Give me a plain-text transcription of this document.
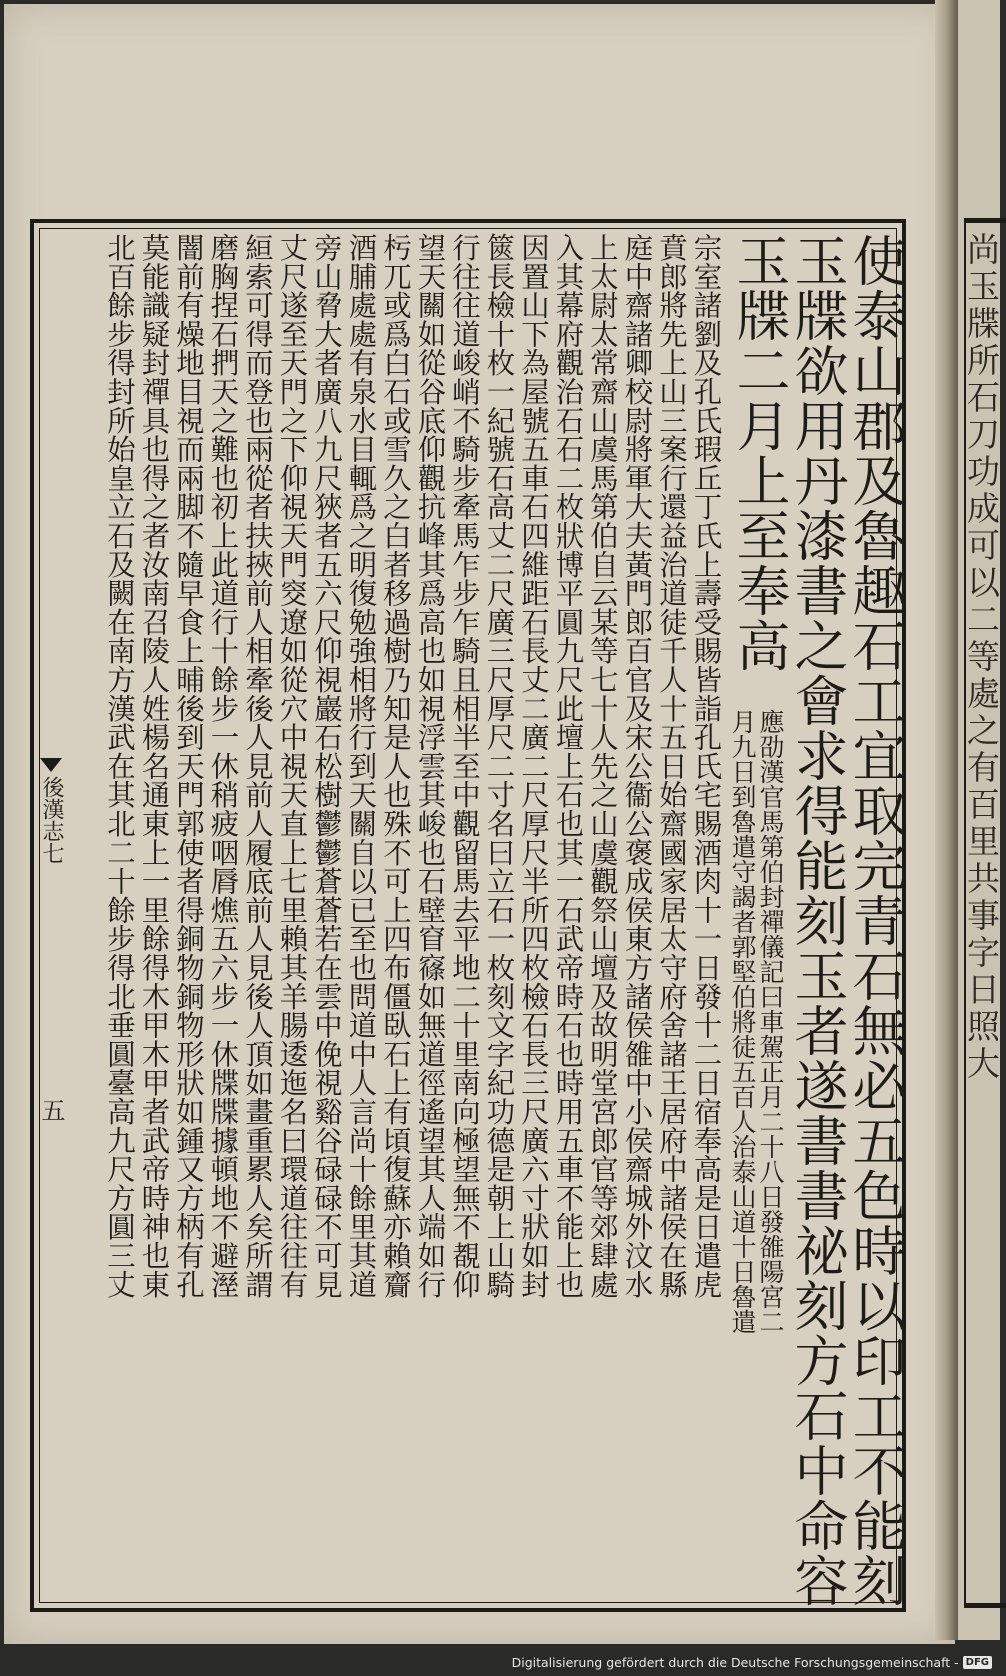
使泰山郡及魯趣石工宜取完青石無必五色時以印工不能刻
玉牒欲用丹漆書之會求得能刻玉者遂書書祕刻方石中命容
玉牒二月上至奉高
應劭漢官馬第伯封禪儀記曰車駕正月二十八日發雒陽宮二
月九日到魯遣守謁者郭堅伯將徒五百人治泰山道十日魯遣
宗室諸劉及孔氏瑕丘丁氏上壽受賜皆詣孔氏宅賜酒肉十一日發十二日宿奉高是日遣虎
賁郎將先上山三案行還益治道徒千人十五日始齋國家居太守府舍諸王居府中諸侯在縣
庭中齋諸卿校尉將軍大夫黃門郎百官及宋公衞公褒成侯東方諸侯雒中小侯齋城外汶水
上太尉太常齋山虞馬第伯自云某等七十人先之山虞觀祭山壇及故明堂宮郎官等郊肆處
入其幕府觀治石石二枚狀博平圓九尺此壇上石也其一石武帝時石也時用五車不能上也
因置山下為屋號五車石四維距石長丈二廣二尺厚尺半所四枚檢石長三尺廣六寸狀如封
篋長檢十枚一紀號石高丈二尺廣三尺厚尺二寸名曰立石一枚刻文字紀功德是朝上山騎
行往往道峻峭不騎步牽馬乍步乍騎且相半至中觀留馬去平地二十里南向極望無不覩仰
望天關如從谷底仰觀抗峰其爲高也如視浮雲其峻也石壁窅窱如無道徑遙望其人端如行
杇兀或爲白石或雪久之白者移過樹乃知是人也殊不可上四布僵臥石上有頃復蘇亦賴齎
酒脯處處有泉水目輒爲之明復勉強相將行到天關自以已至也問道中人言尚十餘里其道
旁山脅大者廣八九尺狹者五六尺仰視巖石松樹鬱鬱蒼蒼若在雲中俛視谿谷碌碌不可見
丈尺遂至天門之下仰視天門窔遼如從穴中視天直上七里賴其羊腸逶迤名曰環道往往有
絙索可得而登也兩從者扶挾前人相牽後人見前人履底前人見後人頂如畫重累人矣所謂
磨胸捏石捫天之難也初上此道行十餘步一休稍疲咽脣燋五六步一休牒牒據頓地不避溼
闇前有燥地目視而兩脚不隨早食上晡後到天門郭使者得銅物銅物形狀如鍾又方柄有孔
莫能識疑封禪具也得之者汝南召陵人姓楊名通東上一里餘得木甲木甲者武帝時神也東
北百餘步得封所始皇立石及闕在南方漢武在其北二十餘步得北垂圓臺高九尺方圓三丈
後漢志七
五
尚玉牒所石刀功成可以二等處之有百里共事字日照大
Digitalisierung gefördert durch die Deutsche Forschungsgemeinschaft - DFG
